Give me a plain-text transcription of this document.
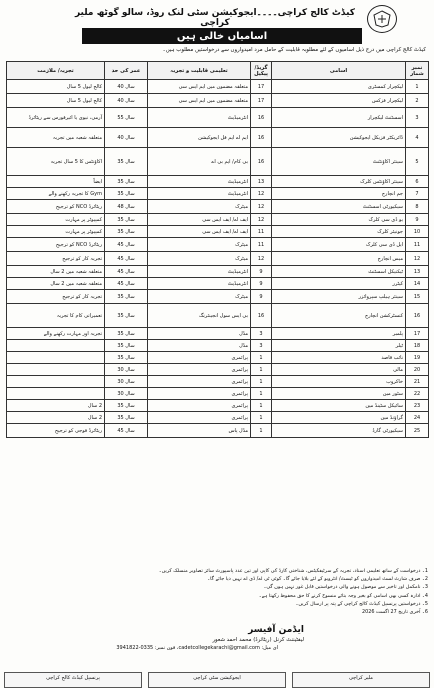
کیڈٹ کالج کراچی۔۔۔۔ایجوکیشن سٹی لنک روڈ، سالو گوٹھ ملیر کراچی
اسامیاں خالی ہیں
کیڈٹ کالج کراچی میں درج ذیل اسامیوں کے لئے مطلوبہ قابلیت کے حامل مرد امیدواروں سے درخواستیں مطلوب ہیں۔
تجربہ/ ملازمت	عمر کی حد	تعلیمی قابلیت و تجربہ	گریڈ/ پیکیل	اسامی	نمبر شمار
کالج لیول 5 سال	40 سال	متعلقہ مضمون میں ایم ایس سی	17	لیکچرار کمسٹری	1
کالج لیول 5 سال	40 سال	متعلقہ مضمون میں ایم ایس سی	17	لیکچرار فزکس	2
آرمی، نیوی یا ائیرفورس سے ریٹائرڈ	55 سال	انٹرمیڈیٹ	16	اسسٹنٹ لیکچرار	3
متعلقہ شعبہ میں تجربہ	40 سال	ایم اے ایم فل ایجوکیشن	16	ڈائریکٹر فزیکل ایجوکیشن	4
اکاؤنٹس کا 5 سال تجربہ	35 سال	بی کام/ ایم بی اے	16	سینئر اکاؤنٹنٹ	5
ایضاً	35 سال	انٹرمیڈیٹ	13	سینئر اکاؤنٹس کلرک	6
Gym کا تجربہ رکھنے والے	35 سال	انٹرمیڈیٹ	12	جم انچارج	7
ریٹائرڈ NCO کو ترجیح	48 سال	میٹرک	12	سیکیورٹی اسسٹنٹ	8
کمپیوٹر پر مہارت	35 سال	ایف اے/ ایف ایس سی	12	یو ڈی سی کلرک	9
کمپیوٹر پر مہارت	35 سال	ایف اے/ ایف ایس سی	11	جونیئر کلرک	10
ریٹائرڈ NCO کو ترجیح	45 سال	میٹرک	11	ایل ڈی سی کلرک	11
تجربہ کار کو ترجیح	45 سال	میٹرک	12	میس انچارج	12
متعلقہ شعبہ میں 2 سال	45 سال	انٹرمیڈیٹ	9	ٹیکنیکل اسسٹنٹ	13
متعلقہ شعبہ میں 2 سال	45 سال	انٹرمیڈیٹ	9	کیٹرر	14
تجربہ کار کو ترجیح	35 سال	میٹرک	9	سینئر ہیلپ سپروائزر	15
تعمیراتی کام کا تجربہ	35 سال	بی ایس سول انجینئرنگ	16	کنسٹرکشن انچارج	16
تجربہ اور مہارت رکھنے والے	35 سال	مڈل	3	پلمبر	17
	35 سال	مڈل	3	ٹیلر	18
	35 سال	پرائمری	1	نائب قاصد	19
	30 سال	پرائمری	1	مالی	20
	30 سال	پرائمری	1	خاکروب	21
	30 سال	پرائمری	1	سٹور مین	22
2 سال	35 سال	پرائمری	1	سائیکل سٹینڈ مین	23
2 سال	35 سال	پرائمری	1	گراؤنڈ مین	24
ریٹائرڈ فوجی کو ترجیح	45 سال	مڈل پاس	1	سیکیورٹی گارڈ	25
1۔ درخواست کے ساتھ تعلیمی اسناد، تجربہ کے سرٹیفکیٹس، شناختی کارڈ کی کاپی اور تین عدد پاسپورٹ سائز تصاویر منسلک کریں۔
2۔ صرف شارٹ لسٹ امیدواروں کو ٹیسٹ/ انٹرویو کے لئے بلایا جائے گا۔ کوئی ٹی اے/ ڈی اے نہیں دیا جائے گا۔
3۔ نامکمل اور تاخیر سے موصول ہونے والی درخواستیں قابل غور نہیں ہوں گی۔
4۔ ادارہ کسی بھی اسامی کو بغیر وجہ بتائے منسوخ کرنے کا حق محفوظ رکھتا ہے۔
5۔ درخواستیں پرنسپل کیڈٹ کالج کراچی کے پتہ پر ارسال کریں۔
6۔ آخری تاریخ 27 اگست 2026
ایڈمن آفیسر
لیفٹیننٹ کرنل (ریٹائرڈ) محمد احمد شعور
ای میل: cadetcollegekarachi@gmail.com، فون نمبر: 0335-3941822
پرنسپل کیڈٹ کالج کراچی	ایجوکیشن سٹی کراچی	ملیر کراچی
